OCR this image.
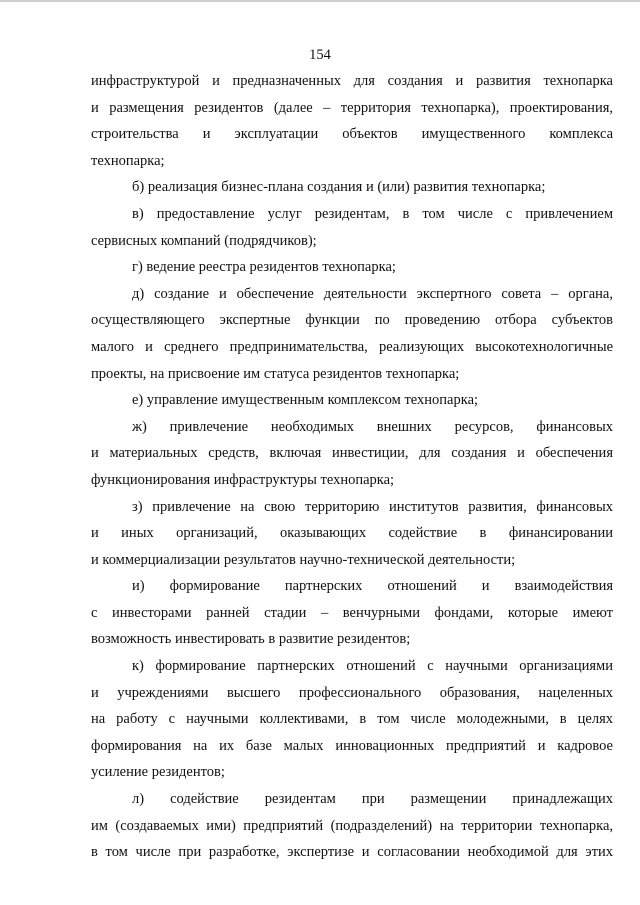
154
инфраструктурой и предназначенных для создания и развития технопарка
и размещения резидентов (далее – территория технопарка), проектирования,
строительства и эксплуатации объектов имущественного комплекса
технопарка;
б) реализация бизнес-плана создания и (или) развития технопарка;
в) предоставление услуг резидентам, в том числе с привлечением
сервисных компаний (подрядчиков);
г) ведение реестра резидентов технопарка;
д) создание и обеспечение деятельности экспертного совета – органа,
осуществляющего экспертные функции по проведению отбора субъектов
малого и среднего предпринимательства, реализующих высокотехнологичные
проекты, на присвоение им статуса резидентов технопарка;
е) управление имущественным комплексом технопарка;
ж) привлечение необходимых внешних ресурсов, финансовых
и материальных средств, включая инвестиции, для создания и обеспечения
функционирования инфраструктуры технопарка;
з) привлечение на свою территорию институтов развития, финансовых
и иных организаций, оказывающих содействие в финансировании
и коммерциализации результатов научно-технической деятельности;
и) формирование партнерских отношений и взаимодействия
с инвесторами ранней стадии – венчурными фондами, которые имеют
возможность инвестировать в развитие резидентов;
к) формирование партнерских отношений с научными организациями
и учреждениями высшего профессионального образования, нацеленных
на работу с научными коллективами, в том числе молодежными, в целях
формирования на их базе малых инновационных предприятий и кадровое
усиление резидентов;
л) содействие резидентам при размещении принадлежащих
им (создаваемых ими) предприятий (подразделений) на территории технопарка,
в том числе при разработке, экспертизе и согласовании необходимой для этих
